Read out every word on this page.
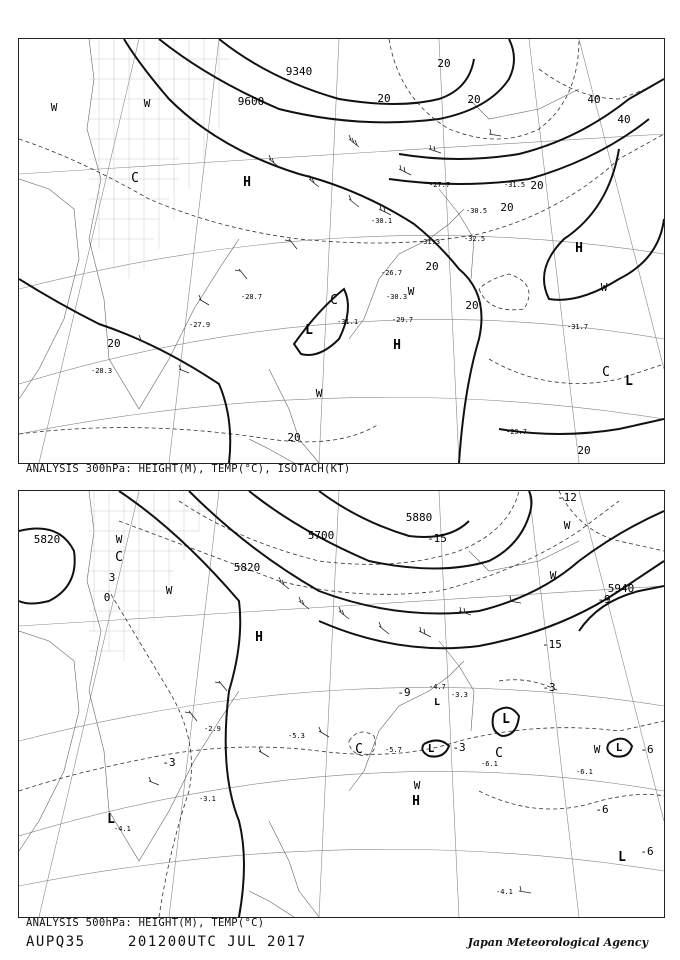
9340
9600
20
20
20
20
20
20
20
20
40
40
20
20
H
H
H
L
L
C
C
C
W	W
W
W
W
-31.1	-29.7
-30.3
-30.5
-32.5
-31.3
-29.7
-31.7
-30.1
-31.5
-27.7
-26.7
-28.7
-28.3
-27.9
ANALYSIS 300hPa: HEIGHT(M), TEMP(°C), ISOTACH(KT)
5820
5820
5700
5940
5880
-3
-6
-6
-6
-9
-9
-12
-15
-15
-3
-3
3
0
H
H
L
L	L
L
L
L
C
C	C
W
W
W
W
W
W
-5.7
-6.1
-4.1
-4.7
-3.3
-5.3
-2.9
-3.1
-6.1
-4.1
ANALYSIS 500hPa: HEIGHT(M), TEMP(°C)
AUPQ35	201200UTC JUL 2017	Japan Meteorological Agency
